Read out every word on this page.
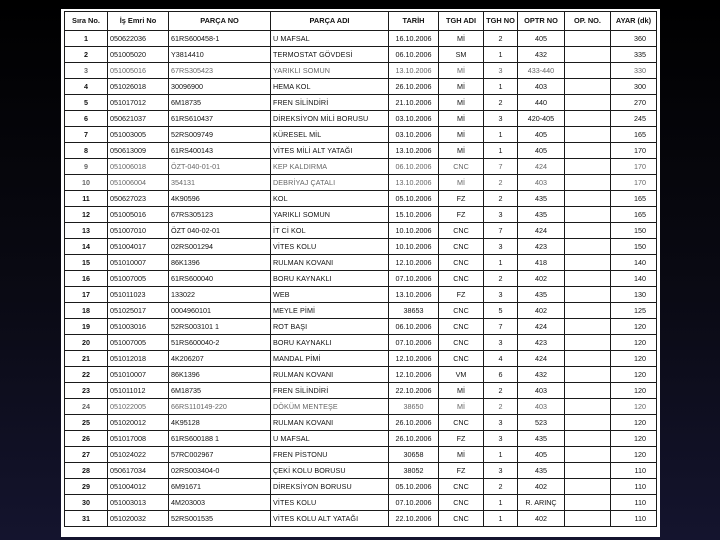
Sıra No.	İş Emri No	PARÇA NO	PARÇA ADI	TARİH	TGH ADI	TGH NO	OPTR NO	OP. NO.	AYAR (dk)
1	050622036	61RS600458-1	U MAFSAL	16.10.2006	Mİ	2	405		360
2	051005020	Y3814410	TERMOSTAT GÖVDESİ	06.10.2006	SM	1	432		335
3	051005016	67RS305423	YARIKLI SOMUN	13.10.2006	Mİ	3	433-440		330
4	051026018	30096900	HEMA KOL	26.10.2006	Mİ	1	403		300
5	051017012	6M18735	FREN SİLİNDİRİ	21.10.2006	Mİ	2	440		270
6	050621037	61RS610437	DİREKSİYON MİLİ BORUSU	03.10.2006	Mİ	3	420-405		245
7	051003005	52RS009749	KÜRESEL MİL	03.10.2006	Mİ	1	405		165
8	050613009	61RS400143	VİTES MİLİ ALT YATAĞI	13.10.2006	Mİ	1	405		170
9	051006018	ÖZT-040-01-01	KEP KALDIRMA	06.10.2006	CNC	7	424		170
10	051006004	354131	DEBRİYAJ ÇATALI	13.10.2006	Mİ	2	403		170
11	050627023	4K90596	KOL	05.10.2006	FZ	2	435		165
12	051005016	67RS305123	YARIKLI SOMUN	15.10.2006	FZ	3	435		165
13	051007010	ÖZT 040-02-01	İT Cİ KOL	10.10.2006	CNC	7	424		150
14	051004017	02RS001294	VİTES KOLU	10.10.2006	CNC	3	423		150
15	051010007	86K1396	RULMAN KOVANI	12.10.2006	CNC	1	418		140
16	051007005	61RS600040	BORU KAYNAKLI	07.10.2006	CNC	2	402		140
17	051011023	133022	WEB	13.10.2006	FZ	3	435		130
18	051025017	0004960101	MEYLE PİMİ	38653	CNC	5	402		125
19	051003016	52RS003101 1	ROT BAŞI	06.10.2006	CNC	7	424		120
20	051007005	51RS600040-2	BORU KAYNAKLI	07.10.2006	CNC	3	423		120
21	051012018	4K206207	MANDAL PİMİ	12.10.2006	CNC	4	424		120
22	051010007	86K1396	RULMAN KOVANI	12.10.2006	VM	6	432		120
23	051011012	6M18735	FREN SİLİNDİRİ	22.10.2006	Mİ	2	403		120
24	051022005	66RS110149-220	DÖKÜM MENTEŞE	38650	Mİ	2	403		120
25	051020012	4K95128	RULMAN KOVANI	26.10.2006	CNC	3	523		120
26	051017008	61RS600188 1	U MAFSAL	26.10.2006	FZ	3	435		120
27	051024022	57RC002967	FREN PİSTONU	30658	Mİ	1	405		120
28	050617034	02RS003404-0	ÇEKİ KOLU BORUSU	38052	FZ	3	435		110
29	051004012	6M91671	DİREKSİYON BORUSU	05.10.2006	CNC	2	402		110
30	051003013	4M203003	VİTES KOLU	07.10.2006	CNC	1	R. ARINÇ		110
31	051020032	52RS001535	VİTES KOLU ALT YATAĞI	22.10.2006	CNC	1	402		110
